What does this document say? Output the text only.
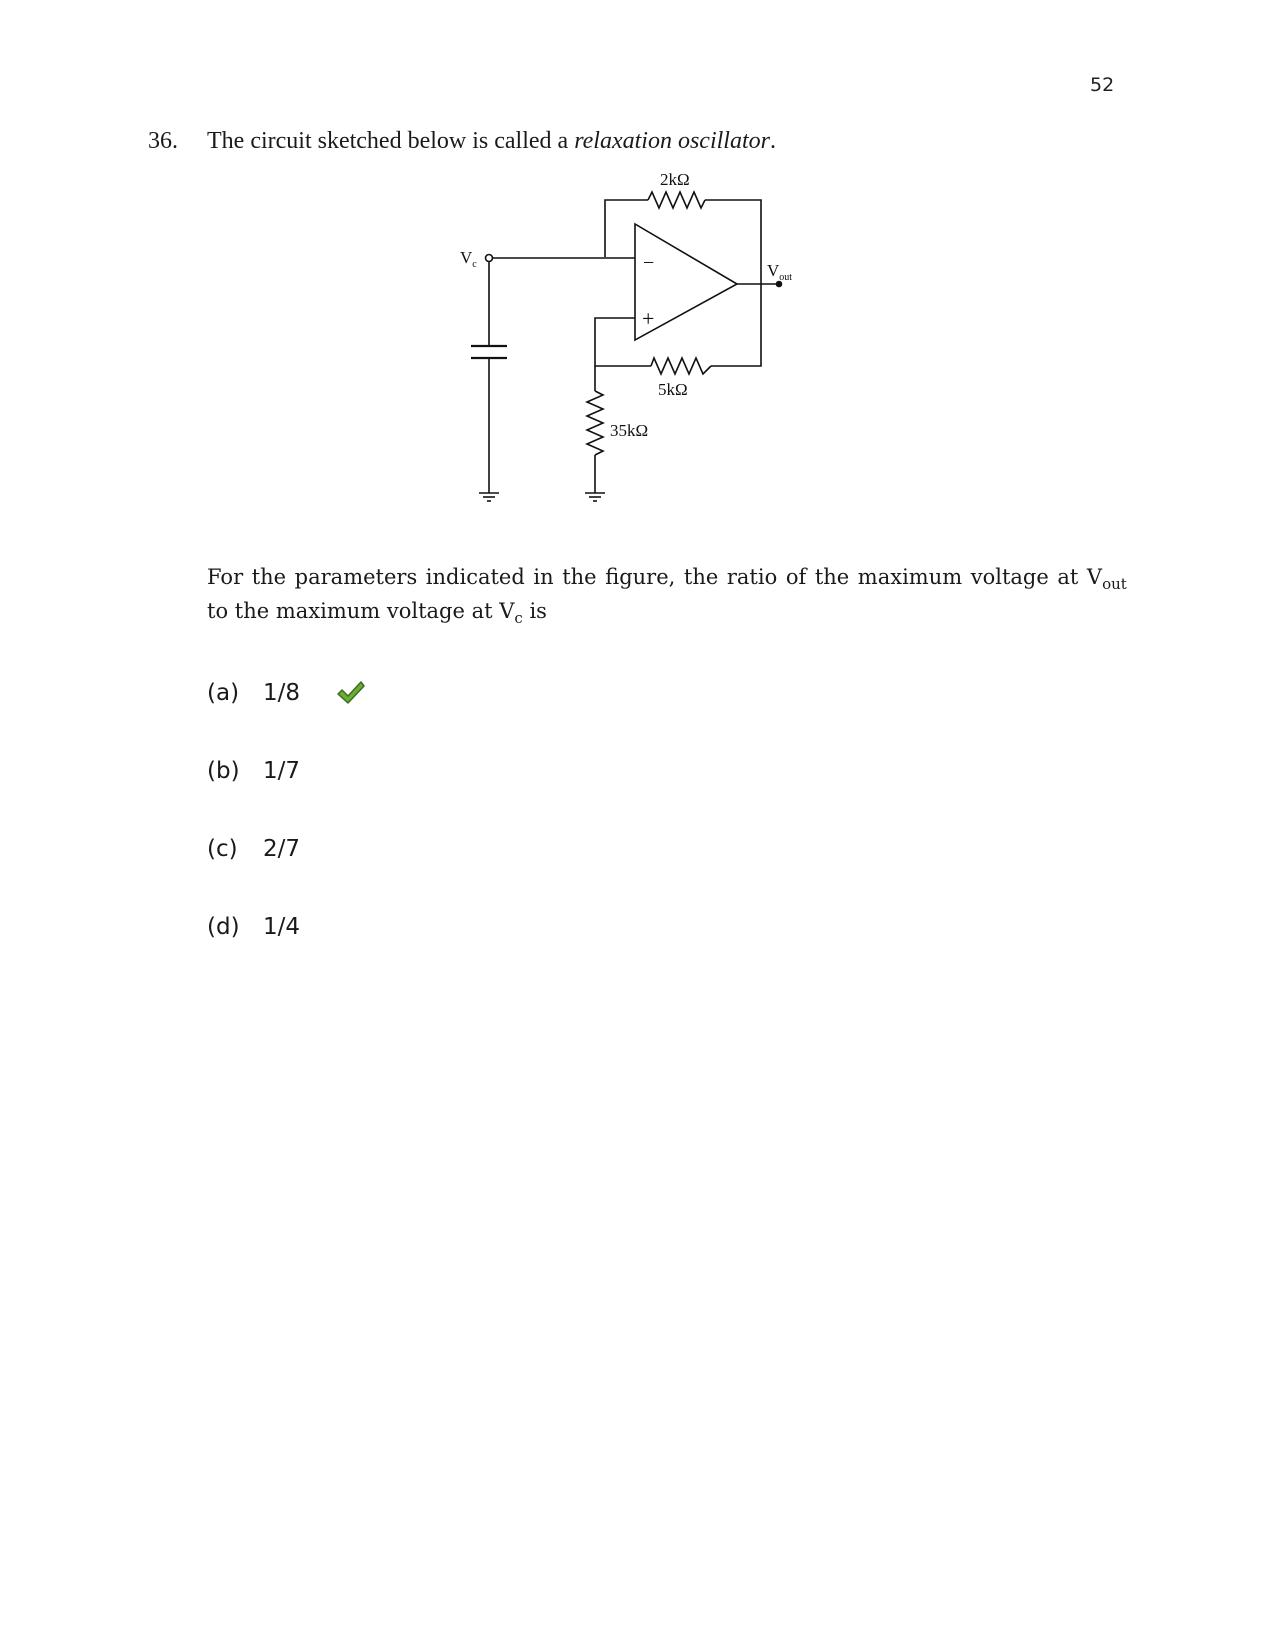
52
36. The circuit sketched below is called a relaxation oscillator.
2kΩ
5kΩ
35kΩ
$V_c$	$V_{out}$
−
+
For the parameters indicated in the figure, the ratio of the maximum voltage at $V_{out}$
to the maximum voltage at $V_c$ is
(a)	1/8
(b)	1/7
(c)	2/7
(d)	1/4
